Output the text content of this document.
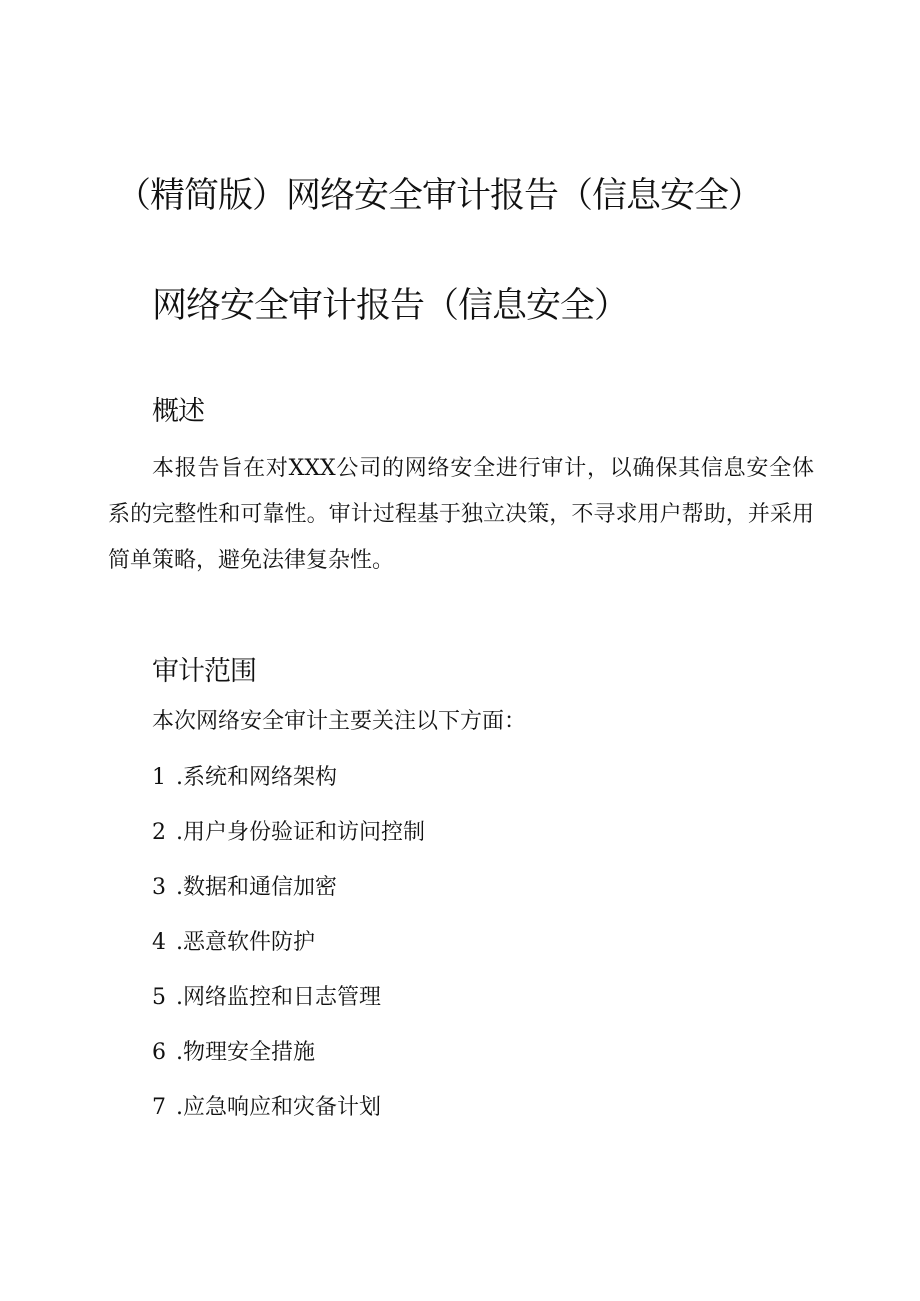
（精简版）网络安全审计报告（信息安全）
网络安全审计报告（信息安全）
概述

本报告旨在对XXX公司的网络安全进行审计，以确保其信息安全体系的完整性和可靠性。审计过程基于独立决策，不寻求用户帮助，并采用简单策略，避免法律复杂性。

审计范围
本次网络安全审计主要关注以下方面：
1 .系统和网络架构
2 .用户身份验证和访问控制
3 .数据和通信加密
4 .恶意软件防护
5 .网络监控和日志管理
6 .物理安全措施
7 .应急响应和灾备计划
